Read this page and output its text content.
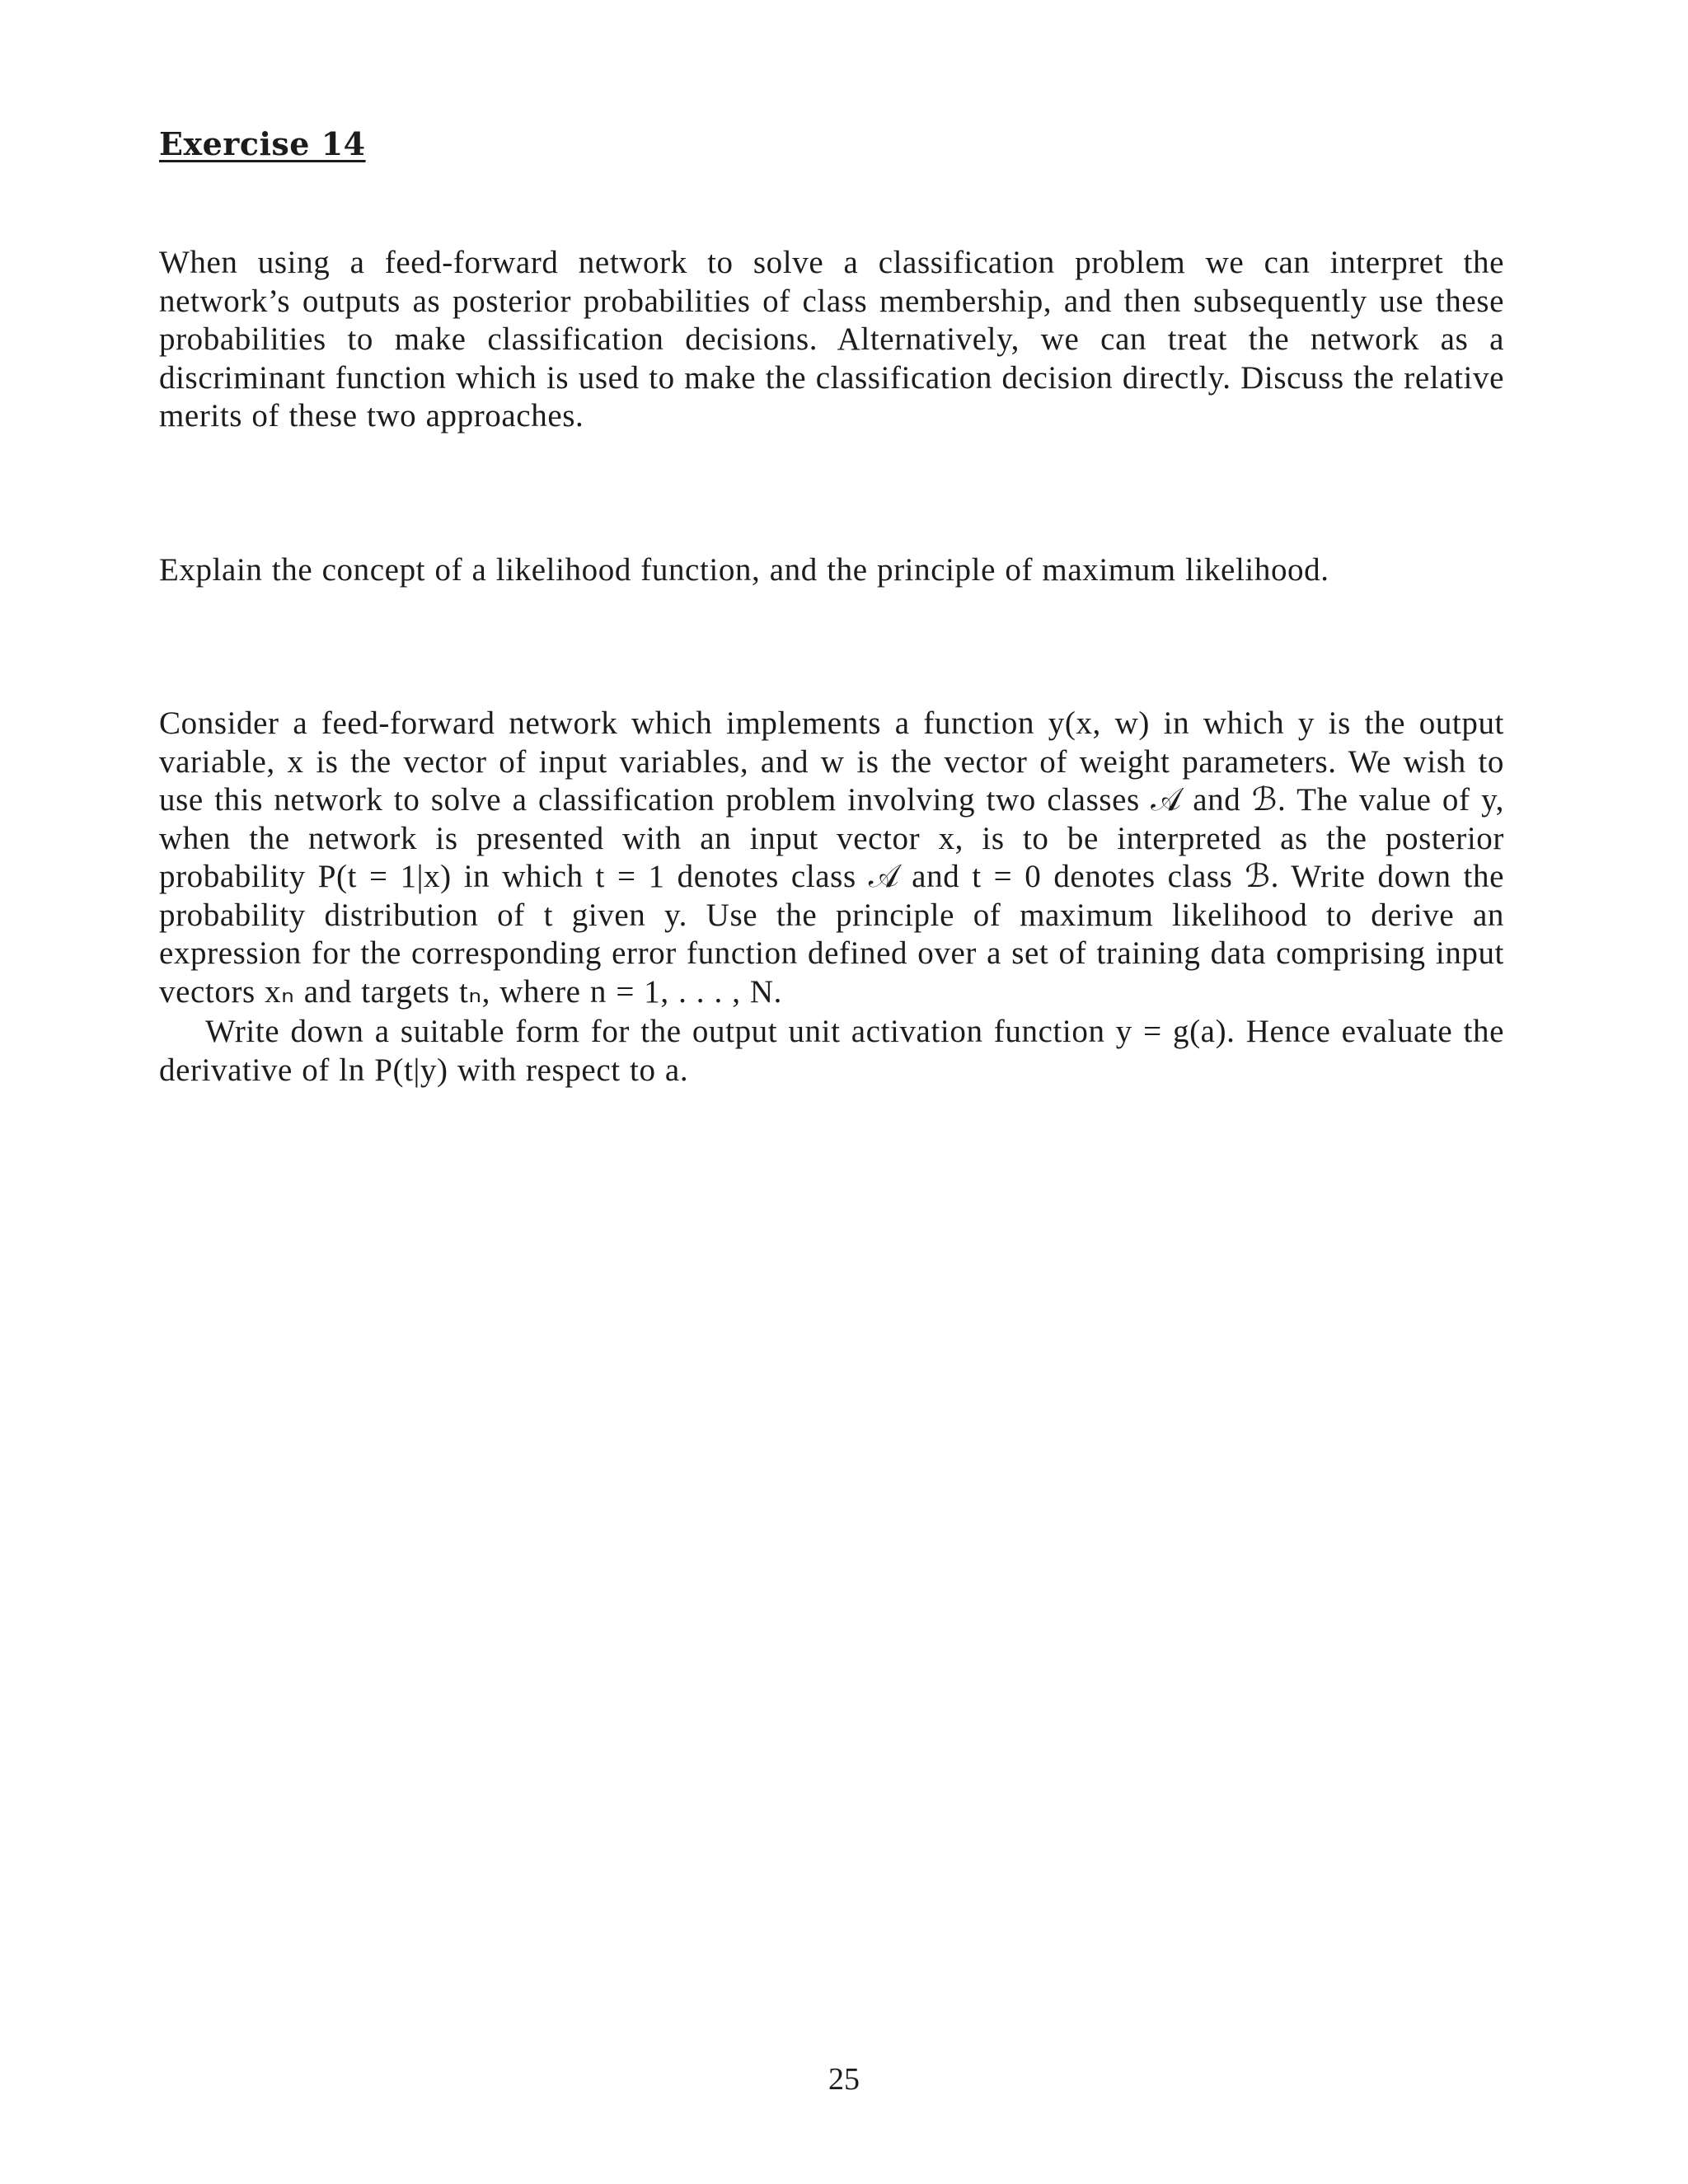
Exercise 14

When using a feed-forward network to solve a classification problem we can interpret the network’s outputs as posterior probabilities of class membership, and then subsequently use these probabilities to make classification decisions. Alternatively, we can treat the network as a discriminant function which is used to make the classification decision directly. Discuss the relative merits of these two approaches.

Explain the concept of a likelihood function, and the principle of maximum likelihood.

Consider a feed-forward network which implements a function y(x, w) in which y is the output variable, x is the vector of input variables, and w is the vector of weight parameters. We wish to use this network to solve a classification problem involving two classes 𝒜 and ℬ. The value of y, when the network is presented with an input vector x, is to be interpreted as the posterior probability P(t = 1|x) in which t = 1 denotes class 𝒜 and t = 0 denotes class ℬ. Write down the probability distribution of t given y. Use the principle of maximum likelihood to derive an expression for the corresponding error function defined over a set of training data comprising input vectors xₙ and targets tₙ, where n = 1, . . . , N.

Write down a suitable form for the output unit activation function y = g(a). Hence evaluate the derivative of ln P(t|y) with respect to a.

25
